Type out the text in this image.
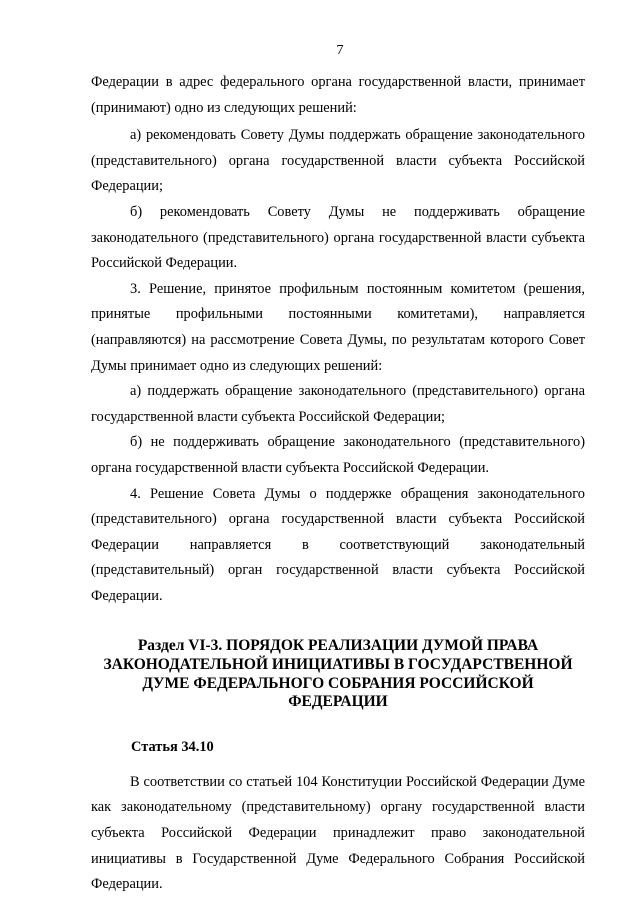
7

Федерации в адрес федерального органа государственной власти, принимает (принимают) одно из следующих решений:

а) рекомендовать Совету Думы поддержать обращение законодательного (представительного) органа государственной власти субъекта Российской Федерации;

б) рекомендовать Совету Думы не поддерживать обращение законодательного (представительного) органа государственной власти субъекта Российской Федерации.

3. Решение, принятое профильным постоянным комитетом (решения, принятые профильными постоянными комитетами), направляется (направляются) на рассмотрение Совета Думы, по результатам которого Совет Думы принимает одно из следующих решений:

а) поддержать обращение законодательного (представительного) органа государственной власти субъекта Российской Федерации;

б) не поддерживать обращение законодательного (представительного) органа государственной власти субъекта Российской Федерации.

4. Решение Совета Думы о поддержке обращения законодательного (представительного) органа государственной власти субъекта Российской Федерации направляется в соответствующий законодательный (представительный) орган государственной власти субъекта Российской Федерации.

Раздел VI-3. ПОРЯДОК РЕАЛИЗАЦИИ ДУМОЙ ПРАВА
ЗАКОНОДАТЕЛЬНОЙ ИНИЦИАТИВЫ В ГОСУДАРСТВЕННОЙ
ДУМЕ ФЕДЕРАЛЬНОГО СОБРАНИЯ РОССИЙСКОЙ ФЕДЕРАЦИИ
Статья 34.10

В соответствии со статьей 104 Конституции Российской Федерации Думе как законодательному (представительному) органу государственной власти субъекта Российской Федерации принадлежит право законодательной инициативы в Государственной Думе Федерального Собрания Российской Федерации.
